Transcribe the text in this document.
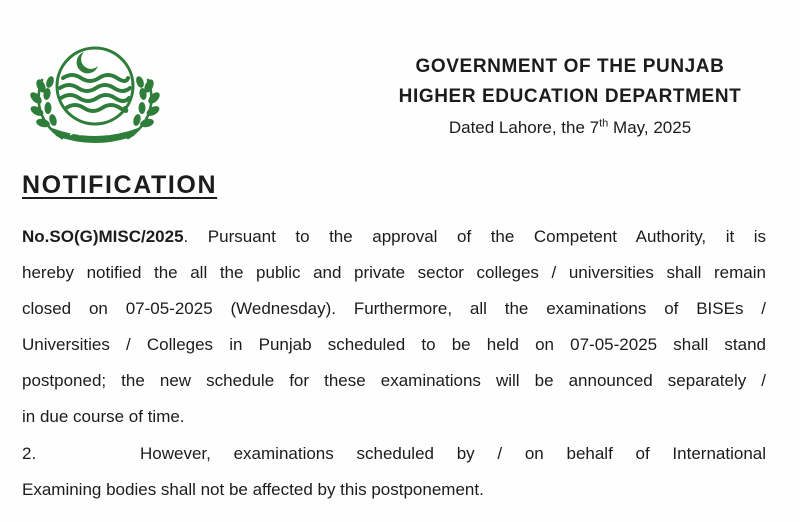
GOVERNMENT OF THE PUNJAB
HIGHER EDUCATION DEPARTMENT
Dated Lahore, the 7th May, 2025
NOTIFICATION
No.SO(G)MISC/2025. Pursuant to the approval of the Competent Authority, it is
hereby notified the all the public and private sector colleges / universities shall remain
closed on 07-05-2025 (Wednesday). Furthermore, all the examinations of BISEs /
Universities / Colleges in Punjab scheduled to be held on 07-05-2025 shall stand
postponed; the new schedule for these examinations will be announced separately /
in due course of time.
2.	However, examinations scheduled by / on behalf of International
Examining bodies shall not be affected by this postponement.
